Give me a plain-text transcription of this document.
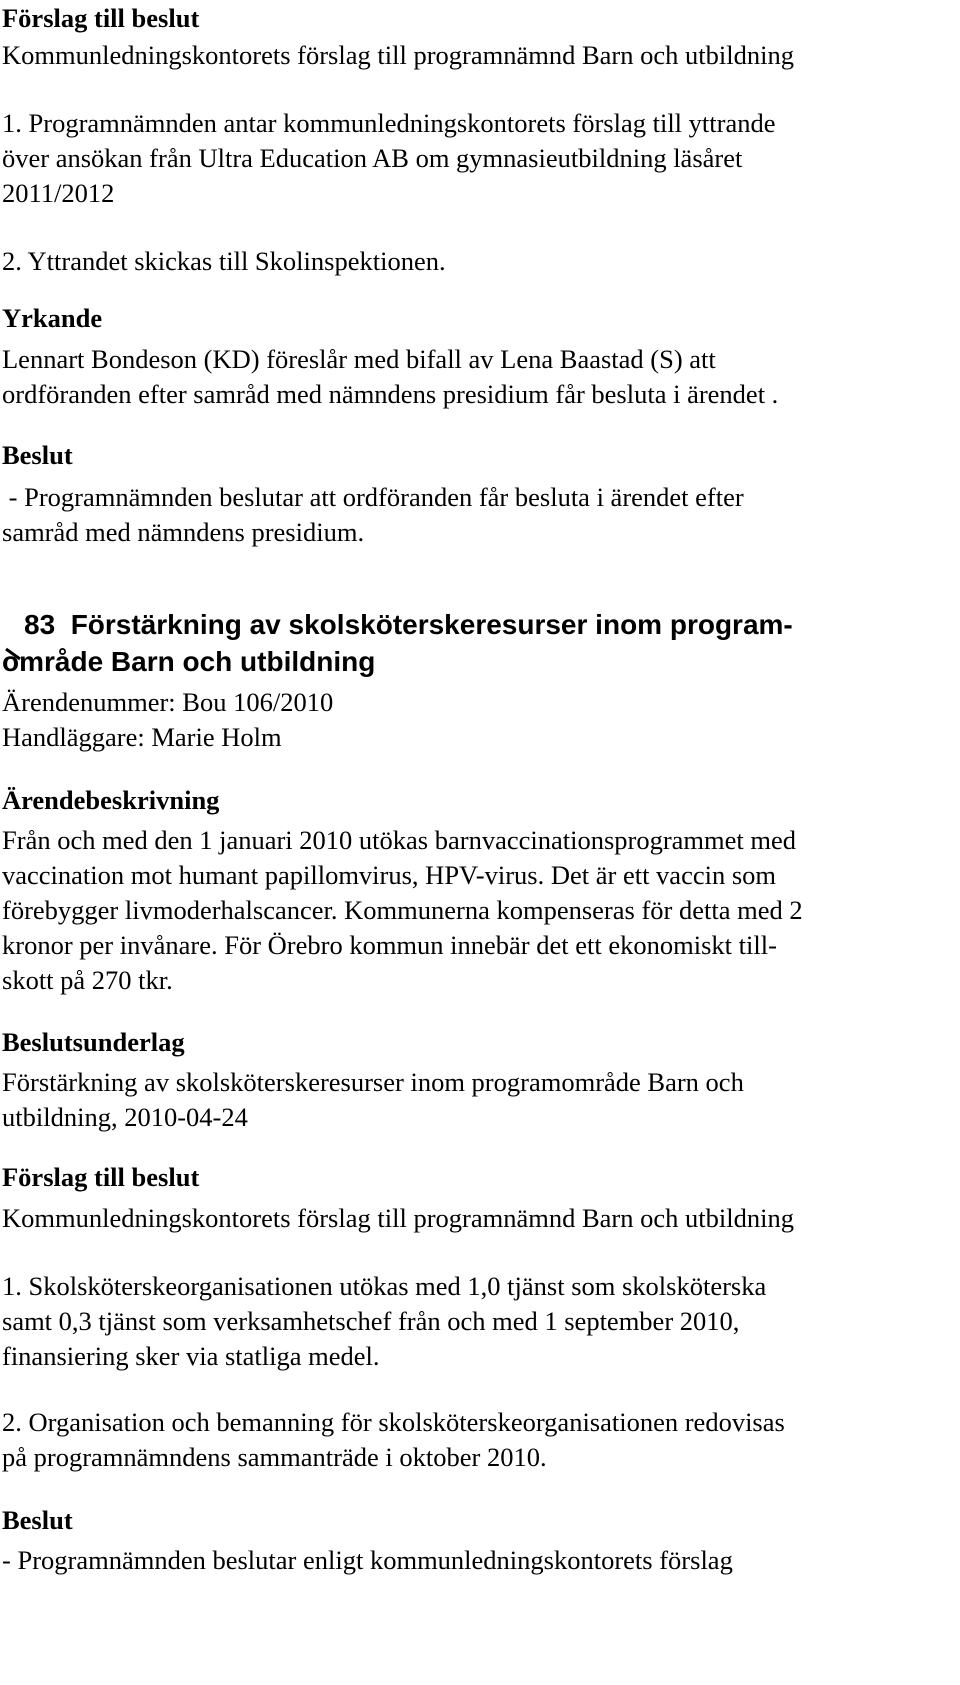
Förslag till beslut
Kommunledningskontorets förslag till programnämnd Barn och utbildning
1. Programnämnden antar kommunledningskontorets förslag till yttrande
över ansökan från Ultra Education AB om gymnasieutbildning läsåret
2011/2012
2. Yttrandet skickas till Skolinspektionen.
Yrkande
Lennart Bondeson (KD) föreslår med bifall av Lena Baastad (S) att
ordföranden efter samråd med nämndens presidium får besluta i ärendet .
Beslut
- Programnämnden beslutar att ordföranden får besluta i ärendet efter
samråd med nämndens presidium.
83  Förstärkning av skolsköterskeresurser inom program-
område Barn och utbildning
Ärendenummer: Bou 106/2010
Handläggare: Marie Holm
Ärendebeskrivning
Från och med den 1 januari 2010 utökas barnvaccinationsprogrammet med
vaccination mot humant papillomvirus, HPV-virus. Det är ett vaccin som
förebygger livmoderhalscancer. Kommunerna kompenseras för detta med 2
kronor per invånare. För Örebro kommun innebär det ett ekonomiskt till-
skott på 270 tkr.
Beslutsunderlag
Förstärkning av skolsköterskeresurser inom programområde Barn och
utbildning, 2010-04-24
Förslag till beslut
Kommunledningskontorets förslag till programnämnd Barn och utbildning
1. Skolsköterskeorganisationen utökas med 1,0 tjänst som skolsköterska
samt 0,3 tjänst som verksamhetschef från och med 1 september 2010,
finansiering sker via statliga medel.
2. Organisation och bemanning för skolsköterskeorganisationen redovisas
på programnämndens sammanträde i oktober 2010.
Beslut
- Programnämnden beslutar enligt kommunledningskontorets förslag
